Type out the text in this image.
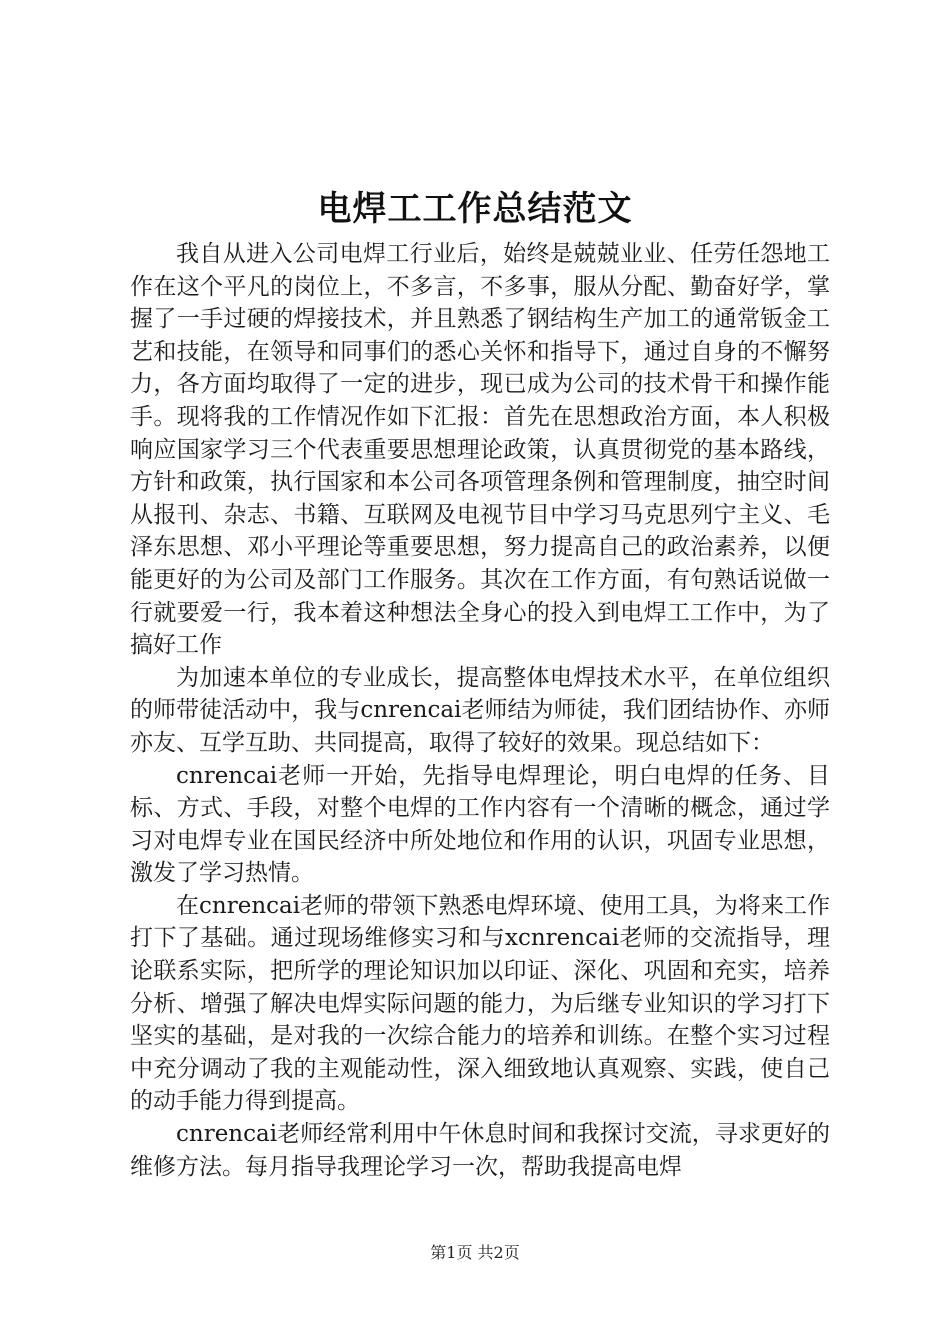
电焊工工作总结范文

我自从进入公司电焊工行业后，始终是兢兢业业、任劳任怨地工作在这个平凡的岗位上，不多言，不多事，服从分配、勤奋好学，掌握了一手过硬的焊接技术，并且熟悉了钢结构生产加工的通常钣金工艺和技能，在领导和同事们的悉心关怀和指导下，通过自身的不懈努力，各方面均取得了一定的进步，现已成为公司的技术骨干和操作能手。现将我的工作情况作如下汇报：首先在思想政治方面，本人积极响应国家学习三个代表重要思想理论政策，认真贯彻党的基本路线，方针和政策，执行国家和本公司各项管理条例和管理制度，抽空时间从报刊、杂志、书籍、互联网及电视节目中学习马克思列宁主义、毛泽东思想、邓小平理论等重要思想，努力提高自己的政治素养，以便能更好的为公司及部门工作服务。其次在工作方面，有句熟话说做一行就要爱一行，我本着这种想法全身心的投入到电焊工工作中，为了搞好工作

为加速本单位的专业成长，提高整体电焊技术水平，在单位组织的师带徒活动中，我与cnrencai老师结为师徒，我们团结协作、亦师亦友、互学互助、共同提高，取得了较好的效果。现总结如下：

cnrencai老师一开始，先指导电焊理论，明白电焊的任务、目标、方式、手段，对整个电焊的工作内容有一个清晰的概念，通过学习对电焊专业在国民经济中所处地位和作用的认识，巩固专业思想，激发了学习热情。

在cnrencai老师的带领下熟悉电焊环境、使用工具，为将来工作打下了基础。通过现场维修实习和与xcnrencai老师的交流指导，理论联系实际，把所学的理论知识加以印证、深化、巩固和充实，培养分析、增强了解决电焊实际问题的能力，为后继专业知识的学习打下坚实的基础，是对我的一次综合能力的培养和训练。在整个实习过程中充分调动了我的主观能动性，深入细致地认真观察、实践，使自己的动手能力得到提高。

cnrencai老师经常利用中午休息时间和我探讨交流，寻求更好的维修方法。每月指导我理论学习一次，帮助我提高电焊

第1页 共2页
